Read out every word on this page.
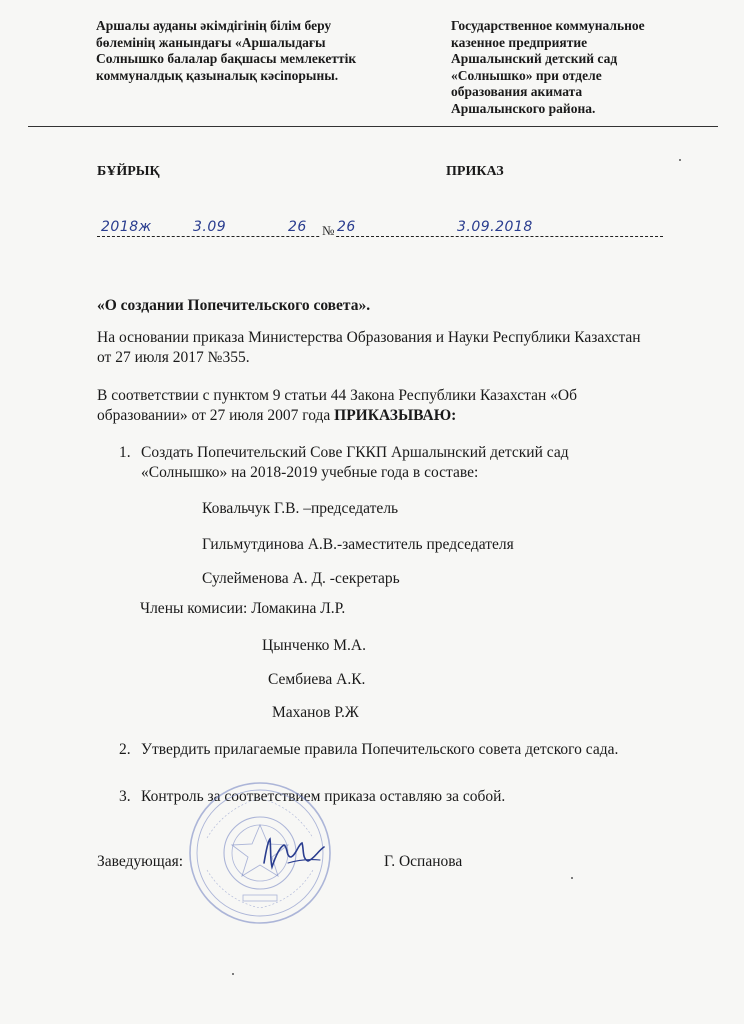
Аршалы ауданы әкімдігінің білім беру
бөлемінің жанындағы «Аршалыдағы
Солнышко балалар бақшасы мемлекеттік
коммуналдық қазыналық кәсіпорыны.
Государственное коммунальное
казенное предприятие
Аршалынский детский сад
«Солнышко» при отделе
образования акимата
Аршалынского района.
БҰЙРЫҚ	ПРИКАЗ
2018ж	3.09	26 № 26	3.09.2018
«О создании Попечительского совета».
На основании приказа Министерства Образования и Науки Республики Казахстан от 27 июля 2017 №355.
В соответствии с пунктом 9 статьи 44 Закона Республики Казахстан «Об образовании» от 27 июля 2007 года ПРИКАЗЫВАЮ:
1. Создать Попечительский Сове ГККП Аршалынский детский сад «Солнышко» на 2018-2019 учебные года в составе:
Ковальчук Г.В. –председатель
Гильмутдинова А.В.-заместитель председателя
Сулейменова А. Д. -секретарь
Члены комисии: Ломакина Л.Р.
Цынченко М.А.
Сембиева А.К.
Маханов Р.Ж
2. Утвердить прилагаемые правила Попечительского совета детского сада.
3. Контроль за соответствием приказа оставляю за собой.
Заведующая:	Г. Оспанова
